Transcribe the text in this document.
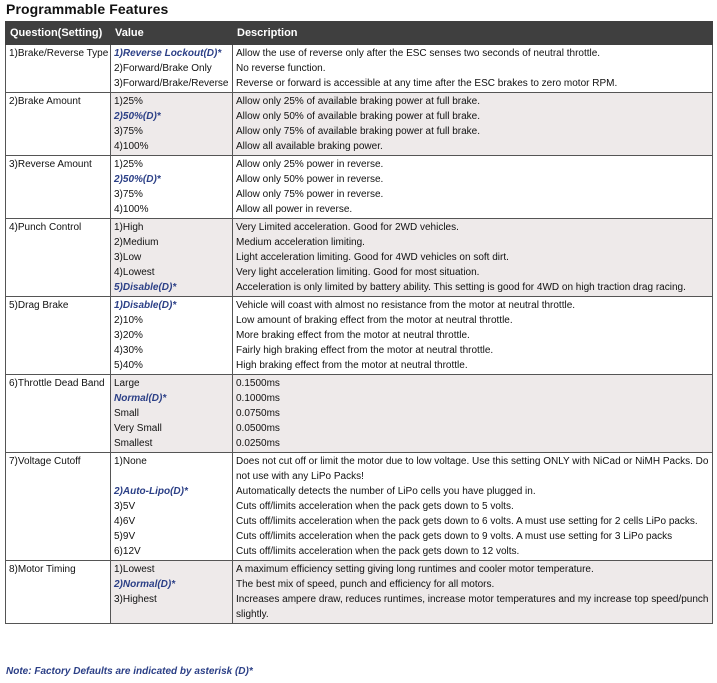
Programmable Features
Question(Setting)	Value	Description
1)Brake/Reverse Type	1)Reverse Lockout(D)*	Allow the use of reverse only after the ESC senses two seconds of neutral throttle.
	2)Forward/Brake Only	No reverse function.
	3)Forward/Brake/Reverse	Reverse or forward is accessible at any time after the ESC brakes to zero motor RPM.
2)Brake Amount	1)25%	Allow only 25% of available braking power at full brake.
	2)50%(D)*	Allow only 50% of available braking power at full brake.
	3)75%	Allow only 75% of available braking power at full brake.
	4)100%	Allow all available braking power.
3)Reverse Amount	1)25%	Allow only 25% power in reverse.
	2)50%(D)*	Allow only 50% power in reverse.
	3)75%	Allow only 75% power in reverse.
	4)100%	Allow all power in reverse.
4)Punch Control	1)High	Very Limited acceleration. Good for 2WD vehicles.
	2)Medium	Medium acceleration limiting.
	3)Low	Light acceleration limiting. Good for 4WD vehicles on soft dirt.
	4)Lowest	Very light acceleration limiting. Good for most situation.
	5)Disable(D)*	Acceleration is only limited by battery ability. This setting is good for 4WD on high traction drag racing.
5)Drag Brake	1)Disable(D)*	Vehicle will coast with almost no resistance from the motor at neutral throttle.
	2)10%	Low amount of braking effect from the motor at neutral throttle.
	3)20%	More braking effect from the motor at neutral throttle.
	4)30%	Fairly high braking effect from the motor at neutral throttle.
	5)40%	High braking effect from the motor at neutral throttle.
6)Throttle Dead Band	Large	0.1500ms
	Normal(D)*	0.1000ms
	Small	0.0750ms
	Very Small	0.0500ms
	Smallest	0.0250ms
7)Voltage Cutoff	1)None	Does not cut off or limit the motor due to low voltage. Use this setting ONLY with NiCad or NiMH Packs. Do not use with any LiPo Packs!
	2)Auto-Lipo(D)*	Automatically detects the number of LiPo cells you have plugged in.
	3)5V	Cuts off/limits acceleration when the pack gets down to 5 volts.
	4)6V	Cuts off/limits acceleration when the pack gets down to 6 volts. A must use setting for 2 cells LiPo packs.
	5)9V	Cuts off/limits acceleration when the pack gets down to 9 volts. A must use setting for 3 LiPo packs
	6)12V	Cuts off/limits acceleration when the pack gets down to 12 volts.
8)Motor Timing	1)Lowest	A maximum efficiency setting giving long runtimes and cooler motor temperature.
	2)Normal(D)*	The best mix of speed, punch and efficiency for all motors.
	3)Highest	Increases ampere draw, reduces runtimes, increase motor temperatures and my increase top speed/punch slightly.
Note: Factory Defaults are indicated by asterisk (D)*
